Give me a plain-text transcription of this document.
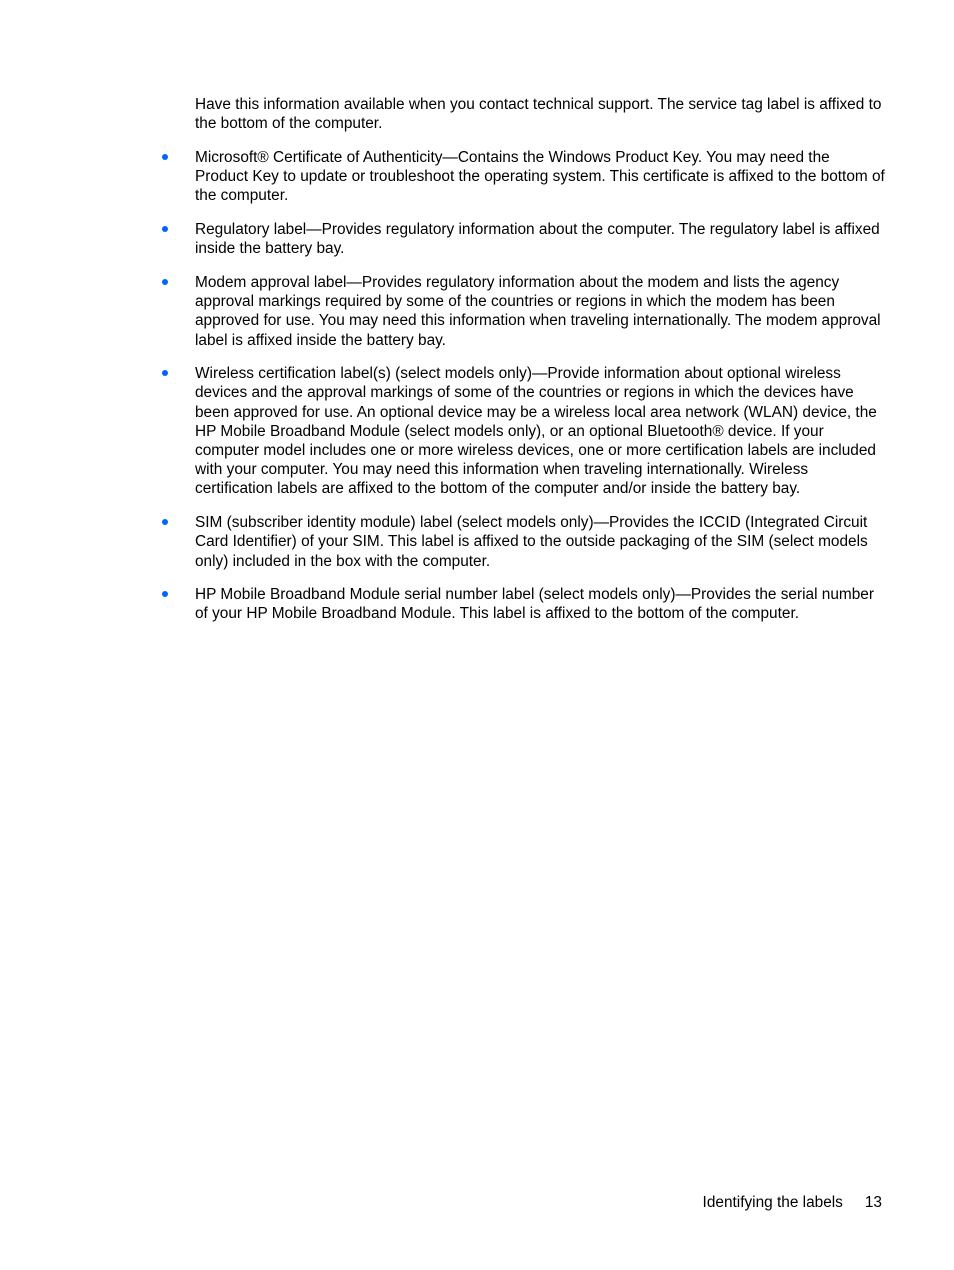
Have this information available when you contact technical support. The service tag label is affixed to the bottom of the computer.

Microsoft® Certificate of Authenticity—Contains the Windows Product Key. You may need the Product Key to update or troubleshoot the operating system. This certificate is affixed to the bottom of the computer.
Regulatory label—Provides regulatory information about the computer. The regulatory label is affixed inside the battery bay.
Modem approval label—Provides regulatory information about the modem and lists the agency approval markings required by some of the countries or regions in which the modem has been approved for use. You may need this information when traveling internationally. The modem approval label is affixed inside the battery bay.
Wireless certification label(s) (select models only)—Provide information about optional wireless devices and the approval markings of some of the countries or regions in which the devices have been approved for use. An optional device may be a wireless local area network (WLAN) device, the HP Mobile Broadband Module (select models only), or an optional Bluetooth® device. If your computer model includes one or more wireless devices, one or more certification labels are included with your computer. You may need this information when traveling internationally. Wireless certification labels are affixed to the bottom of the computer and/or inside the battery bay.
SIM (subscriber identity module) label (select models only)—Provides the ICCID (Integrated Circuit Card Identifier) of your SIM. This label is affixed to the outside packaging of the SIM (select models only) included in the box with the computer.
HP Mobile Broadband Module serial number label (select models only)—Provides the serial number of your HP Mobile Broadband Module. This label is affixed to the bottom of the computer.
Identifying the labels 13
